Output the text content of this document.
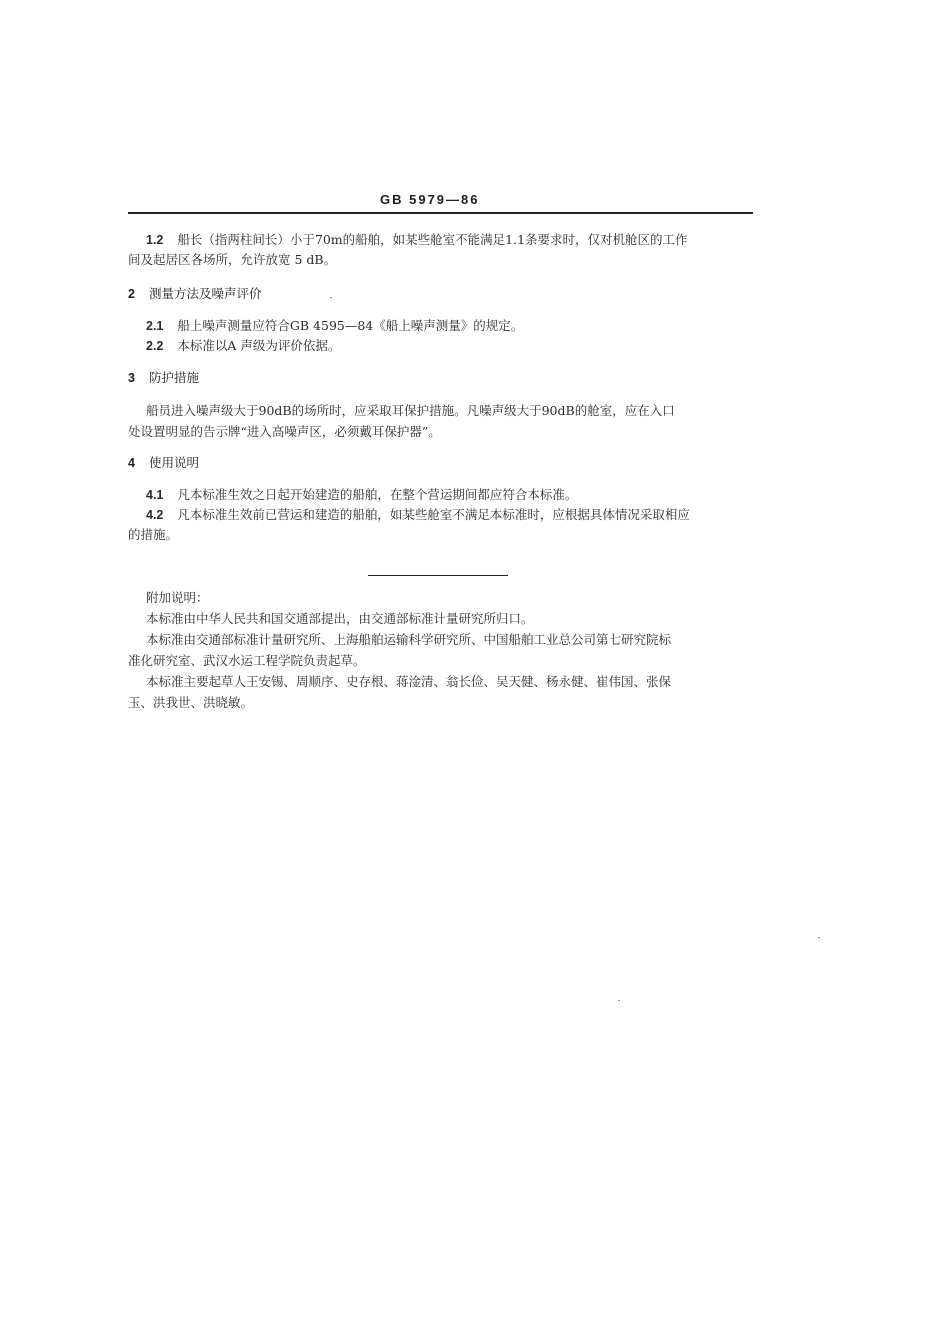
GB 5979—86
1.2 船长（指两柱间长）小于70m的船舶，如某些舱室不能满足1.1条要求时，仅对机舱区的工作
间及起居区各场所，允许放宽 5 dB。
2 测量方法及噪声评价
2.1 船上噪声测量应符合GB 4595—84《船上噪声测量》的规定。
2.2 本标准以A 声级为评价依据。
3 防护措施
船员进入噪声级大于90dB的场所时，应采取耳保护措施。凡噪声级大于90dB的舱室，应在入口
处设置明显的告示牌“进入高噪声区，必须戴耳保护器”。
4 使用说明
4.1 凡本标准生效之日起开始建造的船舶，在整个营运期间都应符合本标准。
4.2 凡本标准生效前已营运和建造的船舶，如某些舱室不满足本标准时，应根据具体情况采取相应
的措施。
附加说明：
本标准由中华人民共和国交通部提出，由交通部标准计量研究所归口。
本标准由交通部标准计量研究所、上海船舶运输科学研究所、中国船舶工业总公司第七研究院标
准化研究室、武汉水运工程学院负责起草。
本标准主要起草人王安锡、周顺序、史存根、蒋淦清、翁长俭、吴天健、杨永健、崔伟国、张保
玉、洪我世、洪晓敏。
